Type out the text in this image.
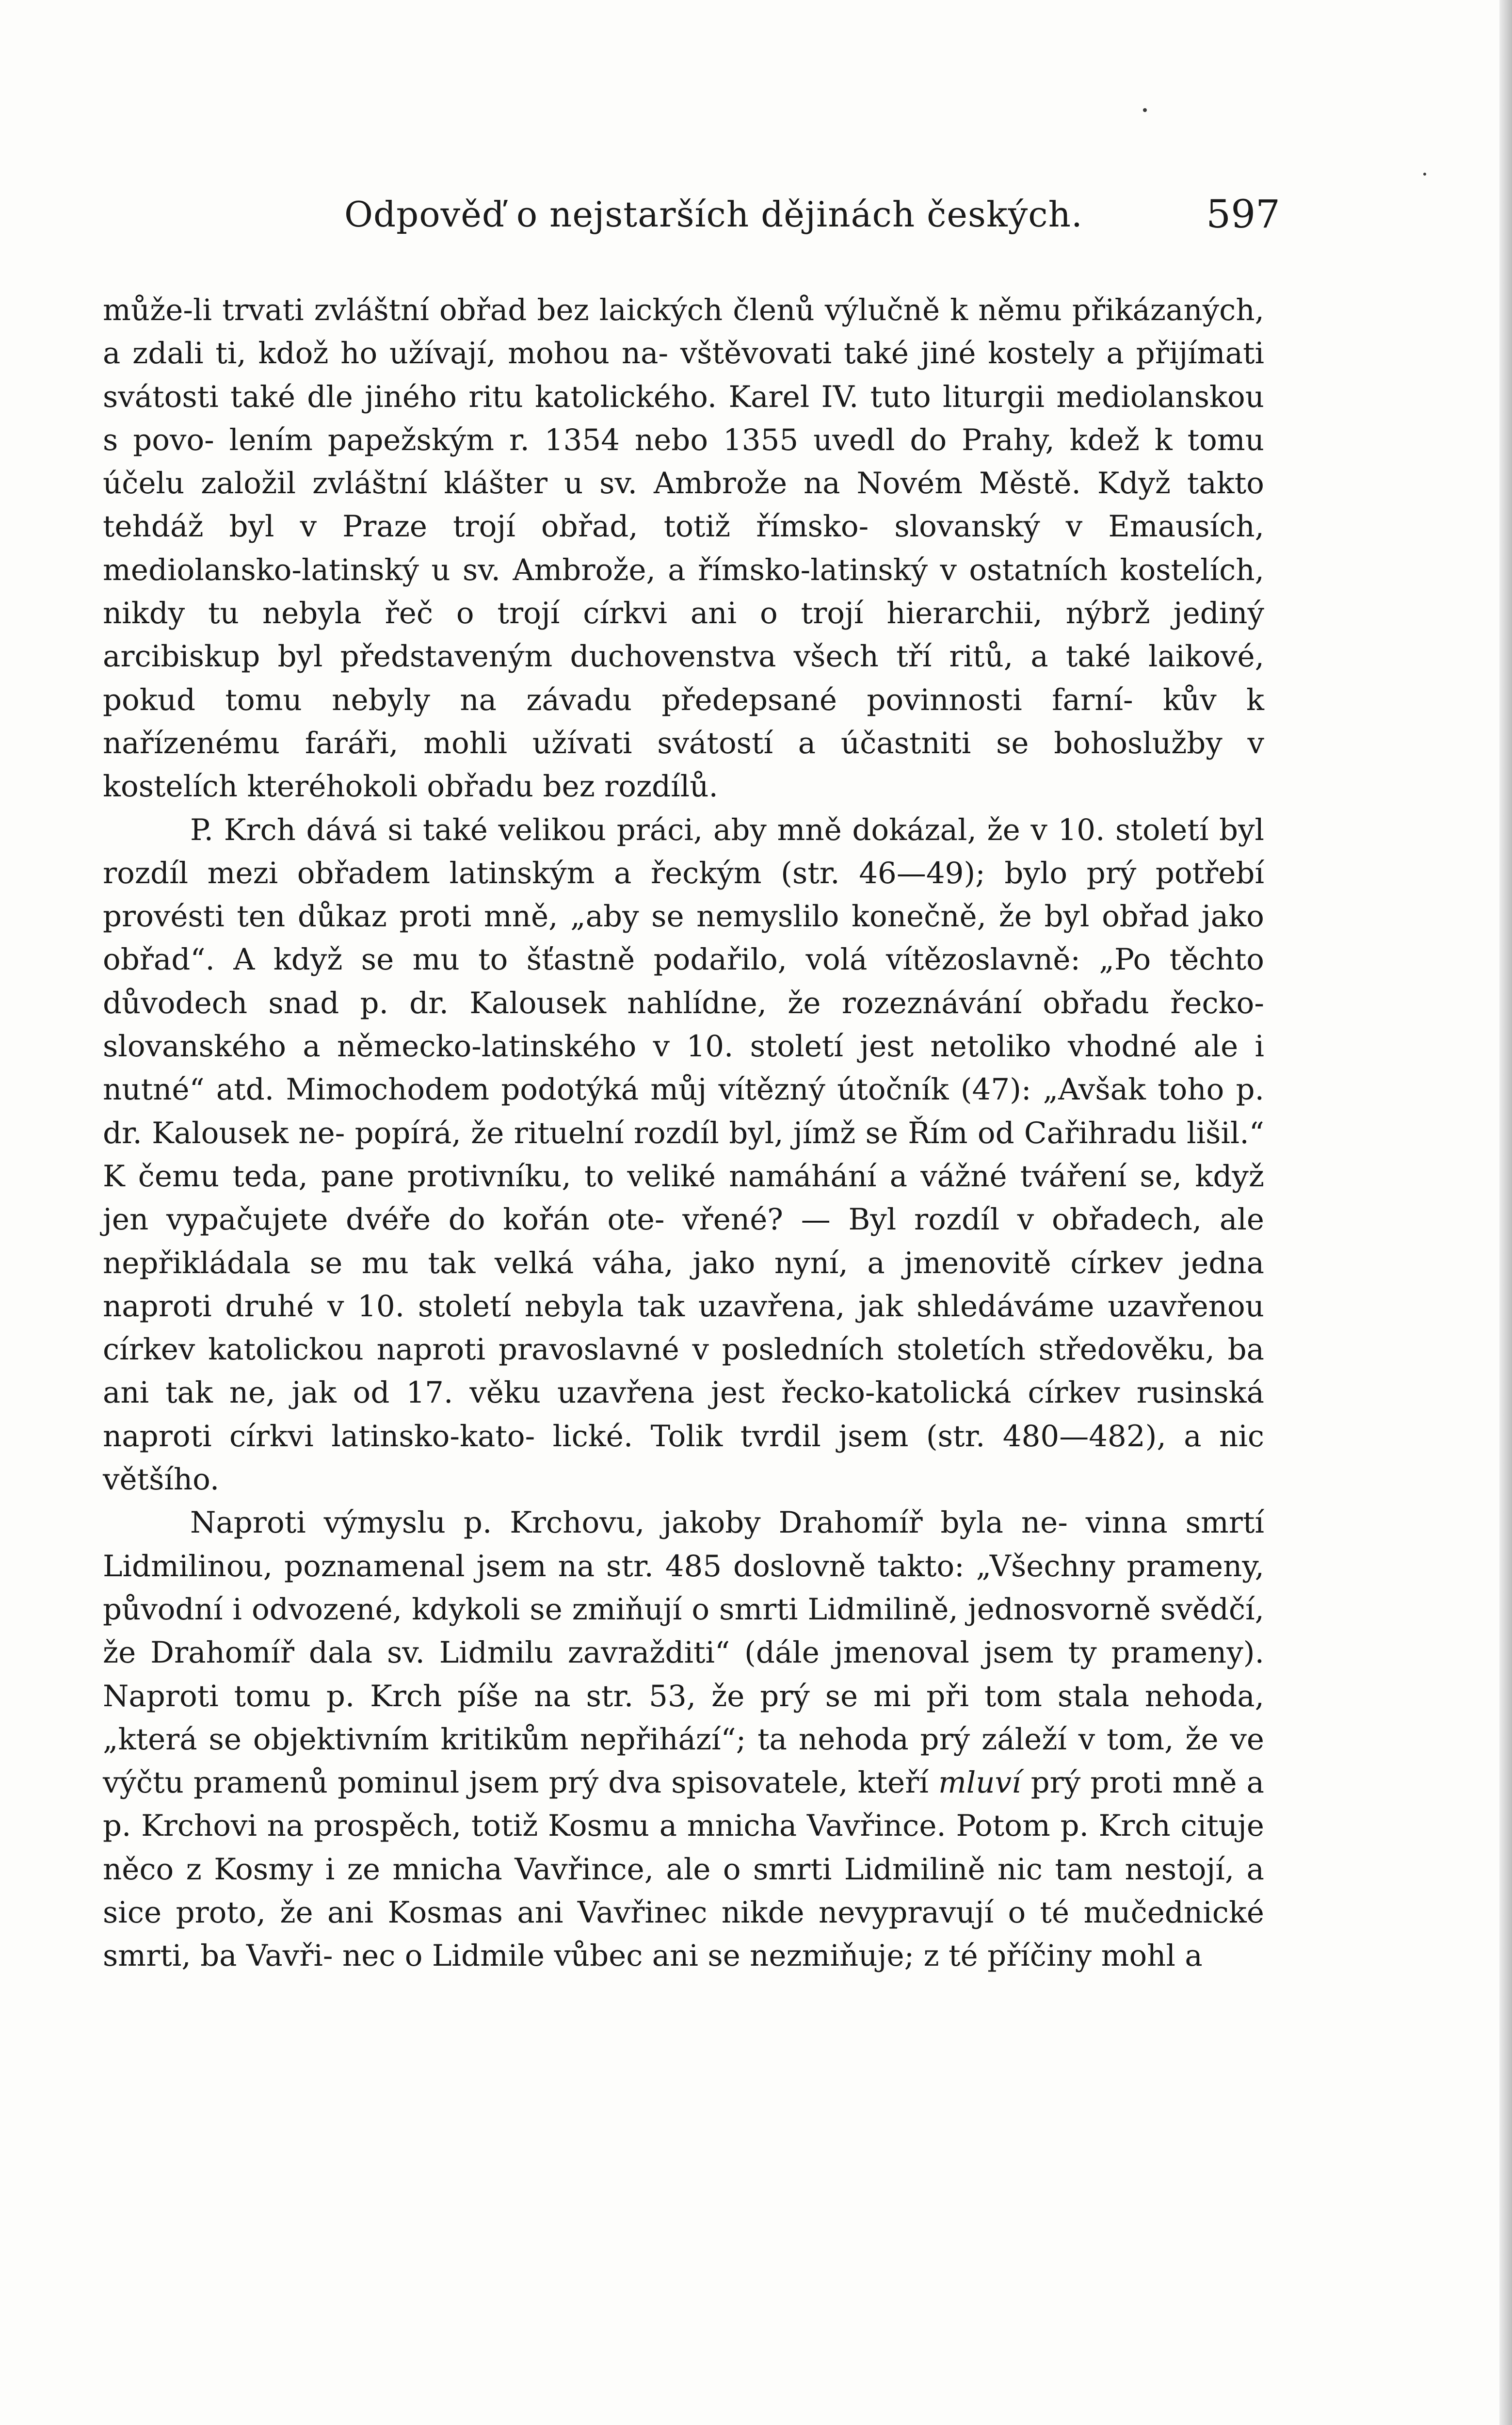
Odpověď o nejstarších dějinách českých.	597

může-li trvati zvláštní obřad bez laických členů výlučně k němu přikázaných, a zdali ti, kdož ho užívají, mohou na- vštěvovati také jiné kostely a přijímati svátosti také dle jiného ritu katolického. Karel IV. tuto liturgii mediolanskou s povo- lením papežským r. 1354 nebo 1355 uvedl do Prahy, kdež k tomu účelu založil zvláštní klášter u sv. Ambrože na Novém Městě. Když takto tehdáž byl v Praze trojí obřad, totiž římsko- slovanský v Emausích, mediolansko-latinský u sv. Ambrože, a římsko-latinský v ostatních kostelích, nikdy tu nebyla řeč o trojí církvi ani o trojí hierarchii, nýbrž jediný arcibiskup byl představeným duchovenstva všech tří ritů, a také laikové, pokud tomu nebyly na závadu předepsané povinnosti farní- kův k nařízenému faráři, mohli užívati svátostí a účastniti se bohoslužby v kostelích kteréhokoli obřadu bez rozdílů.

P. Krch dává si také velikou práci, aby mně dokázal, že v 10. století byl rozdíl mezi obřadem latinským a řeckým (str. 46—49); bylo prý potřebí provésti ten důkaz proti mně, „aby se nemyslilo konečně, že byl obřad jako obřad“. A když se mu to šťastně podařilo, volá vítězoslavně: „Po těchto důvodech snad p. dr. Kalousek nahlídne, že rozeznávání obřadu řecko-slovanského a německo-latinského v 10. století jest netoliko vhodné ale i nutné“ atd. Mimochodem podotýká můj vítězný útočník (47): „Avšak toho p. dr. Kalousek ne- popírá, že rituelní rozdíl byl, jímž se Řím od Cařihradu lišil.“ K čemu teda, pane protivníku, to veliké namáhání a vážné tváření se, když jen vypačujete dvéře do kořán ote- vřené? — Byl rozdíl v obřadech, ale nepřikládala se mu tak velká váha, jako nyní, a jmenovitě církev jedna naproti druhé v 10. století nebyla tak uzavřena, jak shledáváme uzavřenou církev katolickou naproti pravoslavné v posledních stoletích středověku, ba ani tak ne, jak od 17. věku uzavřena jest řecko-katolická církev rusinská naproti církvi latinsko-kato- lické. Tolik tvrdil jsem (str. 480—482), a nic většího.

Naproti výmyslu p. Krchovu, jakoby Drahomíř byla ne- vinna smrtí Lidmilinou, poznamenal jsem na str. 485 doslovně takto: „Všechny prameny, původní i odvozené, kdykoli se zmiňují o smrti Lidmilině, jednosvorně svědčí, že Drahomíř dala sv. Lidmilu zavražditi“ (dále jmenoval jsem ty prameny). Naproti tomu p. Krch píše na str. 53, že prý se mi při tom stala nehoda, „která se objektivním kritikům nepřihází“; ta nehoda prý záleží v tom, že ve výčtu pramenů pominul jsem prý dva spisovatele, kteří mluví prý proti mně a p. Krchovi na prospěch, totiž Kosmu a mnicha Vavřince. Potom p. Krch cituje něco z Kosmy i ze mnicha Vavřince, ale o smrti Lidmilině nic tam nestojí, a sice proto, že ani Kosmas ani Vavřinec nikde nevypravují o té mučednické smrti, ba Vavři- nec o Lidmile vůbec ani se nezmiňuje; z té příčiny mohl a
